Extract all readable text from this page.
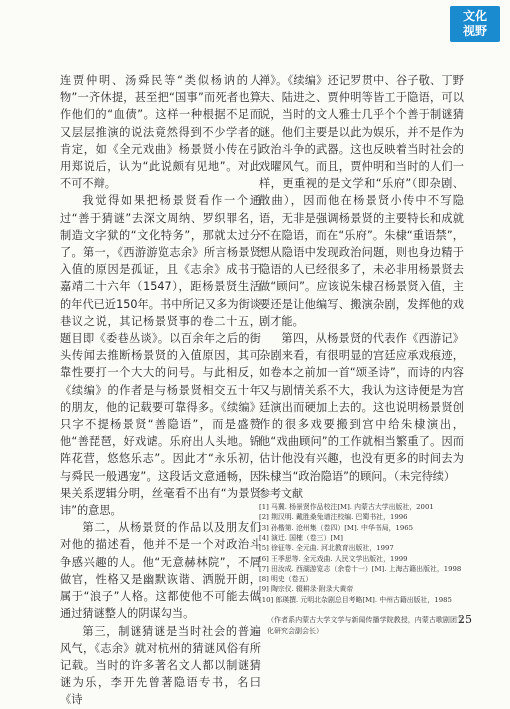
文化
视野

连贾仲明、汤舜民等“类似杨讷的人物”一齐休提，甚至把“国事”而死者也算作他们的“血债”。这样一种根据不足而又层层推演的说法竟然得到不少学者的肯定，如《全元戏曲》杨景贤小传在引用郑说后，认为“此说颇有见地”。对此不可不辩。

我觉得如果把杨景贤看作一个通过“善于猜谜”去深文周纳、罗织罪名，制造文字狱的“文化特务”，那就太过分了。第一，《西游游览志余》所言杨景贤入值的原因是孤证，且《志余》成书于嘉靖二十六年（1547），距杨景贤生活的年代已近150年。书中所记又多为街谈巷议之说，其记杨景贤事的卷二十五，题目即《委巷丛谈》。以百余年之后的街头传闻去推断杨景贤的入值原因，其可靠性要打一个大大的问号。与此相反，《续编》的作者是与杨景贤相交五十年的朋友，他的记载要可靠得多。《续编》只字不提杨景贤“善隐语”，而是盛赞他“善琵琶，好戏谑。乐府出人头地。锦阵花营，悠悠乐志”。因此才“永乐初，与舜民一般遇宠”。这段话文意通畅，因果关系逻辑分明，丝毫看不出有“为景贤讳”的意思。

第二，从杨景贤的作品以及朋友们对他的描述看，他并不是一个对政治斗争感兴趣的人。他“无意赫林院”，不屑做官，性格又是幽默诙谐、洒脱开朗，属于“浪子”人格。这都使他不可能去做通过猜谜整人的阴谋勾当。

第三，制谜猜谜是当时社会的普遍风气，《志余》就对杭州的猜谜风俗有所记载。当时的许多著名文人都以制谜猜谜为乐，李开先曾著隐语专书，名曰《诗

禅》。《续编》还记罗贯中、谷子敬、丁野夫、陆进之、贾仲明等皆工于隐语，可以说，当时的文人雅士几乎个个善于制谜猜谜。他们主要是以此为娱乐，并不是作为政治斗争的武器。这也反映着当时社会的戏曜风气。而且，贾仲明和当时的人们一样，更重视的是文学和“乐府”（即杂剧、散曲），因而他在杨景贤小传中不写隐语，无非是强调杨景贤的主要特长和成就不在隐语，而在“乐府”。朱棣“重语禁”，想从隐语中发现政治问题，则也身边精于隐语的人已经很多了，未必非用杨景贤去做“顾问”。应该说朱棣召杨景贤入值，主要还是让他编写、搬演杂剧，发挥他的戏剧才能。

第四，从杨景贤的代表作《西游记》杂剧来看，有很明显的宫廷应承戏痕迹，如卷本之前加一首“颂圣诗”，而诗的内容又与剧情关系不大，我认为这诗便是为宫廷演出而硬加上去的。这也说明杨景贤创作的很多戏要搬到宫中给朱棣演出，他“戏曲顾问”的工作就相当繁重了。因而估计他没有兴趣，也没有更多的时间去为朱棣当“政治隐语”的顾问。（未完待续）

参考文献

[1] 马冀. 杨景贤作品校注[M]. 内蒙古大学出版社，2001
[2] 荆汉明. 戴胜桑兔谱注校编. 巴蜀书社，1996
[3] 孙楷第. 沧州集（卷四）[M]. 中华书局，1965
[4] 演迁. 国榷（卷三）[M]
[5] 徐征等. 全元曲. 河北教育出版社，1997
[6] 王季思等. 全元戏曲. 人民文学出版社，1999
[7] 田汝成. 西湖游览志（余卷十一）[M]. 上海古籍出版社，1998
[8] 明史（卷五）
[9] 陶宗仪. 辍耕录·附录大黄帝
[10] 郎瑛撰. 元明北杂剧总目考略[M]. 中州古籍出版社，1985
（作者系内蒙古大学文学与新闻传播学院教授，内蒙古歌剧团文化研究会副会长）
25
